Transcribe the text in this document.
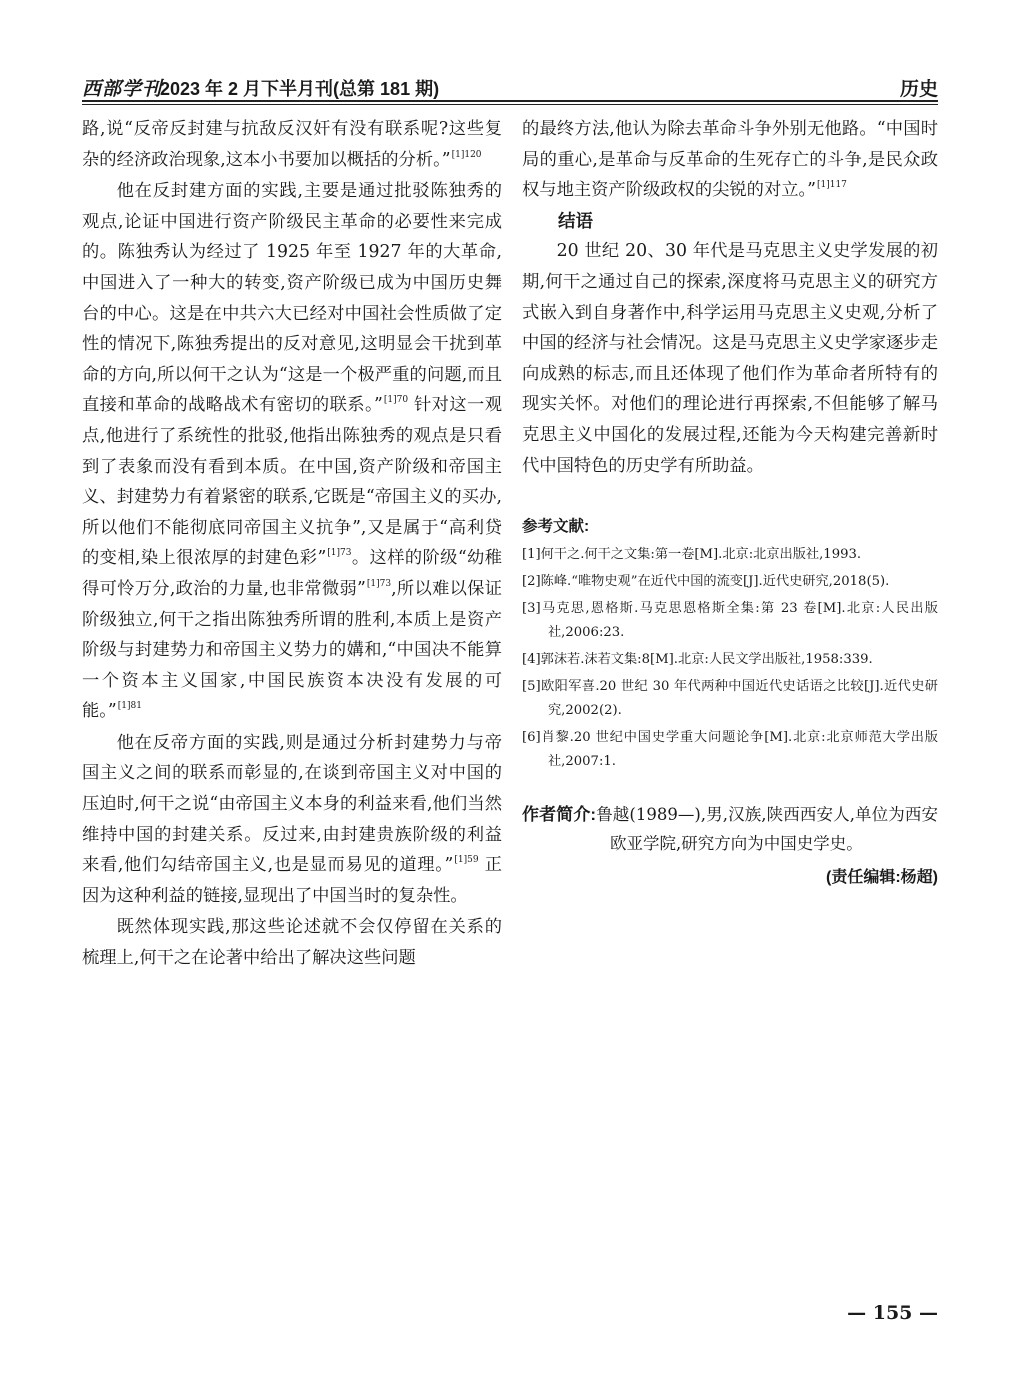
西部学刊
2023 年 2 月下半月刊(总第 181 期)	历史

路,说“反帝反封建与抗敌反汉奸有没有联系呢?这些复杂的经济政治现象,这本小书要加以概括的分析。”$^{[1]120}$

他在反封建方面的实践,主要是通过批驳陈独秀的观点,论证中国进行资产阶级民主革命的必要性来完成的。陈独秀认为经过了 1925 年至 1927 年的大革命,中国进入了一种大的转变,资产阶级已成为中国历史舞台的中心。这是在中共六大已经对中国社会性质做了定性的情况下,陈独秀提出的反对意见,这明显会干扰到革命的方向,所以何干之认为“这是一个极严重的问题,而且直接和革命的战略战术有密切的联系。”$^{[1]70}$ 针对这一观点,他进行了系统性的批驳,他指出陈独秀的观点是只看到了表象而没有看到本质。在中国,资产阶级和帝国主义、封建势力有着紧密的联系,它既是“帝国主义的买办,所以他们不能彻底同帝国主义抗争”,又是属于“高利贷的变相,染上很浓厚的封建色彩”$^{[1]73}$。这样的阶级“幼稚得可怜万分,政治的力量,也非常微弱”$^{[1]73}$,所以难以保证阶级独立,何干之指出陈独秀所谓的胜利,本质上是资产阶级与封建势力和帝国主义势力的媾和,“中国决不能算一个资本主义国家,中国民族资本决没有发展的可能。”$^{[1]81}$

他在反帝方面的实践,则是通过分析封建势力与帝国主义之间的联系而彰显的,在谈到帝国主义对中国的压迫时,何干之说“由帝国主义本身的利益来看,他们当然维持中国的封建关系。反过来,由封建贵族阶级的利益来看,他们勾结帝国主义,也是显而易见的道理。”$^{[1]59}$ 正因为这种利益的链接,显现出了中国当时的复杂性。

既然体现实践,那这些论述就不会仅停留在关系的梳理上,何干之在论著中给出了解决这些问题

的最终方法,他认为除去革命斗争外别无他路。“中国时局的重心,是革命与反革命的生死存亡的斗争,是民众政权与地主资产阶级政权的尖锐的对立。”$^{[1]117}$

结语

20 世纪 20、30 年代是马克思主义史学发展的初期,何干之通过自己的探索,深度将马克思主义的研究方式嵌入到自身著作中,科学运用马克思主义史观,分析了中国的经济与社会情况。这是马克思主义史学家逐步走向成熟的标志,而且还体现了他们作为革命者所特有的现实关怀。对他们的理论进行再探索,不但能够了解马克思主义中国化的发展过程,还能为今天构建完善新时代中国特色的历史学有所助益。

参考文献:

[1]何干之.何干之文集:第一卷[M].北京:北京出版社,1993.
[2]陈峰.“唯物史观”在近代中国的流变[J].近代史研究,2018(5).
[3]马克思,恩格斯.马克思恩格斯全集:第 23 卷[M].北京:人民出版社,2006:23.
[4]郭沫若.沫若文集:8[M].北京:人民文学出版社,1958:339.
[5]欧阳军喜.20 世纪 30 年代两种中国近代史话语之比较[J].近代史研究,2002(2).
[6]肖黎.20 世纪中国史学重大问题论争[M].北京:北京师范大学出版社,2007:1.
作者简介:鲁越(1989—),男,汉族,陕西西安人,单位为西安欧亚学院,研究方向为中国史学史。
(责任编辑:杨超)
— 155 —
